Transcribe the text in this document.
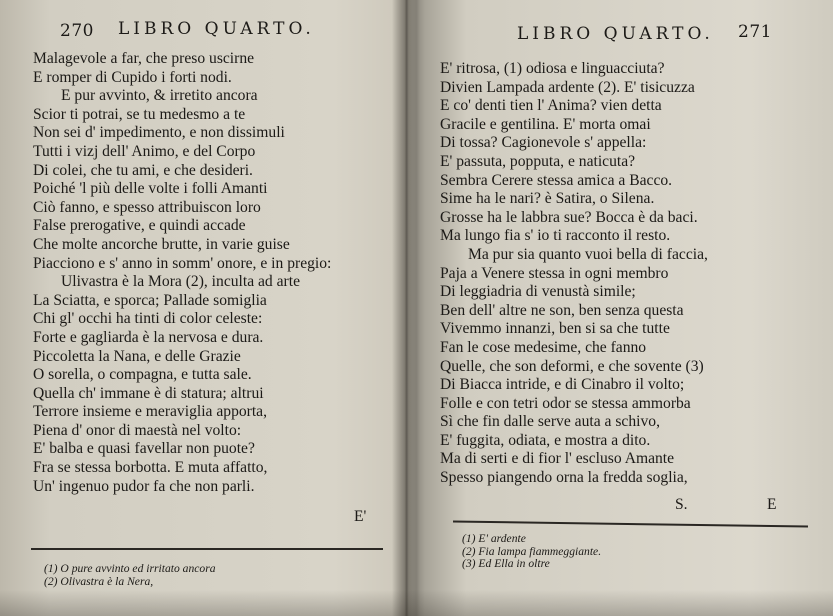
270 LIBRO QUARTO.
Malagevole a far, che preso uscirne
E romper di Cupido i forti nodi.
E pur avvinto, & irretito ancora
Scior ti potrai, se tu medesmo a te
Non sei d' impedimento, e non dissimuli
Tutti i vizj dell' Animo, e del Corpo
Di colei, che tu ami, e che desideri.
Poiché 'l più delle volte i folli Amanti
Ciò fanno, e spesso attribuiscon loro
False prerogative, e quindi accade
Che molte ancorche brutte, in varie guise
Piacciono e s' anno in somm' onore, e in pregio:
Ulivastra è la Mora (2), inculta ad arte
La Sciatta, e sporca; Pallade somiglia
Chi gl' occhi ha tinti di color celeste:
Forte e gagliarda è la nervosa e dura.
Piccoletta la Nana, e delle Grazie
O sorella, o compagna, e tutta sale.
Quella ch' immane è di statura; altrui
Terrore insieme e meraviglia apporta,
Piena d' onor di maestà nel volto:
E' balba e quasi favellar non puote?
Fra se stessa borbotta. E muta affatto,
Un' ingenuo pudor fa che non parli.
E'
(1) O pure avvinto ed irritato ancora
(2) Olivastra è la Nera,
LIBRO QUARTO. 271
E' ritrosa, (1) odiosa e linguacciuta?
Divien Lampada ardente (2). E' tisicuzza
E co' denti tien l' Anima? vien detta
Gracile e gentilina. E' morta omai
Di tossa? Cagionevole s' appella:
E' passuta, popputa, e naticuta?
Sembra Cerere stessa amica a Bacco.
Sime ha le nari? è Satira, o Silena.
Grosse ha le labbra sue? Bocca è da baci.
Ma lungo fia s' io ti racconto il resto.
Ma pur sia quanto vuoi bella di faccia,
Paja a Venere stessa in ogni membro
Di leggiadria di venustà simile;
Ben dell' altre ne son, ben senza questa
Vivemmo innanzi, ben si sa che tutte
Fan le cose medesime, che fanno
Quelle, che son deformi, e che sovente (3)
Di Biacca intride, e di Cinabro il volto;
Folle e con tetri odor se stessa ammorba
Sì che fin dalle serve auta a schivo,
E' fuggita, odiata, e mostra a dito.
Ma di serti e di fior l' escluso Amante
Spesso piangendo orna la fredda soglia,
S.	E
(1) E' ardente
(2) Fia lampa fiammeggiante.
(3) Ed Ella in oltre
